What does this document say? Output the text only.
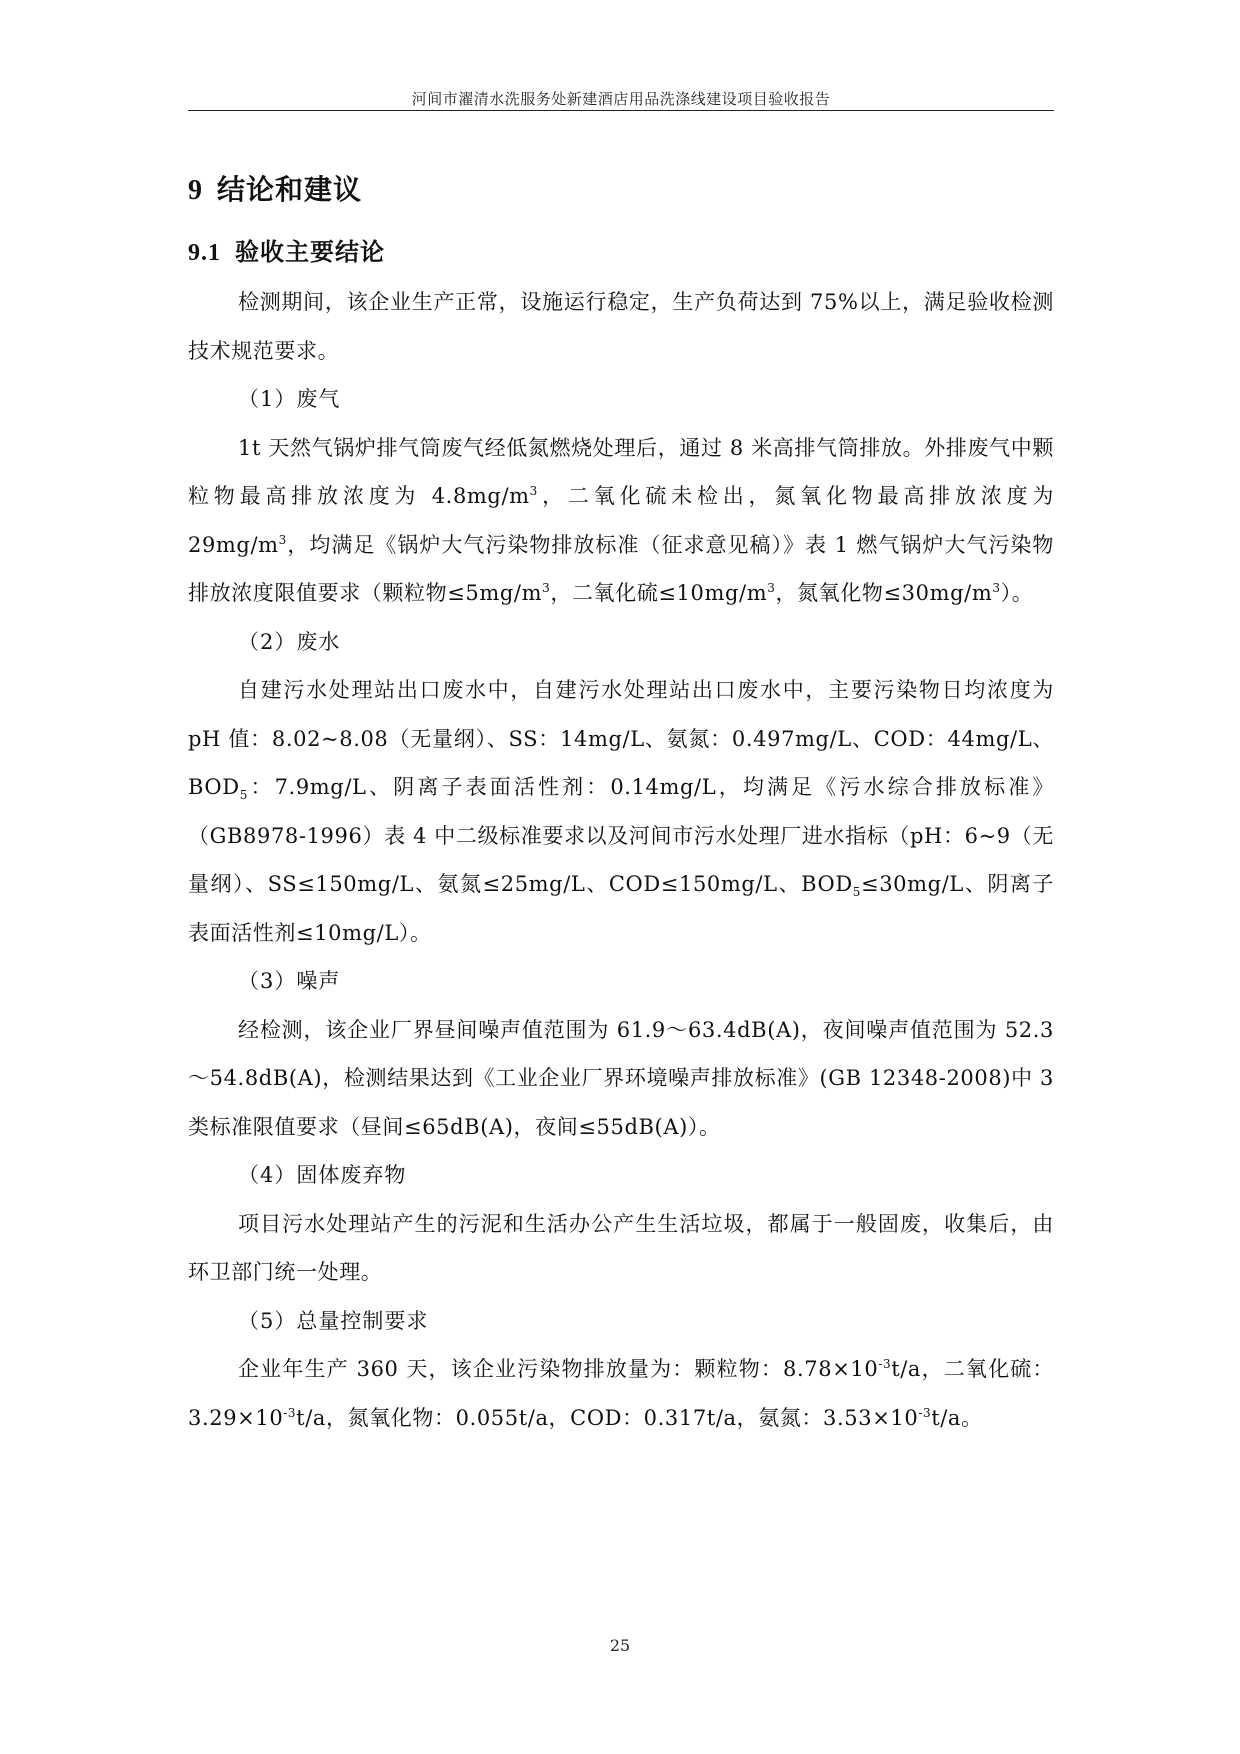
河间市濯清水洗服务处新建酒店用品洗涤线建设项目验收报告
9 结论和建议
9.1 验收主要结论

检测期间，该企业生产正常，设施运行稳定，生产负荷达到 75%以上，满足验收检测技术规范要求。

（1）废气

1t 天然气锅炉排气筒废气经低氮燃烧处理后，通过 8 米高排气筒排放。外排废气中颗粒物最高排放浓度为 $4.8mg/m^3$，二氧化硫未检出，氮氧化物最高排放浓度为 $29mg/m^3$，均满足《锅炉大气污染物排放标准（征求意见稿）》表 1 燃气锅炉大气污染物排放浓度限值要求（颗粒物$\le 5mg/m^3$，二氧化硫$\le 10mg/m^3$，氮氧化物$\le 30mg/m^3$）。

（2）废水

自建污水处理站出口废水中，自建污水处理站出口废水中，主要污染物日均浓度为 pH 值：8.02~8.08（无量纲）、SS：14mg/L、氨氮：0.497mg/L、COD：44mg/L、$BOD_5$：7.9mg/L、阴离子表面活性剂：0.14mg/L，均满足《污水综合排放标准》（GB8978-1996）表 4 中二级标准要求以及河间市污水处理厂进水指标（pH：6~9（无量纲）、SS≤150mg/L、氨氮≤25mg/L、COD≤150mg/L、$BOD_5\le 30mg/L$、阴离子表面活性剂≤10mg/L）。

（3）噪声

经检测，该企业厂界昼间噪声值范围为 61.9～63.4dB(A)，夜间噪声值范围为 52.3～54.8dB(A)，检测结果达到《工业企业厂界环境噪声排放标准》(GB 12348-2008)中 3 类标准限值要求（昼间≤65dB(A)，夜间≤55dB(A)）。

（4）固体废弃物

项目污水处理站产生的污泥和生活办公产生生活垃圾，都属于一般固废，收集后，由环卫部门统一处理。

（5）总量控制要求

企业年生产 360 天，该企业污染物排放量为：颗粒物：$8.78\times 10^{-3}t/a$，二氧化硫：$3.29\times 10^{-3}t/a$，氮氧化物：0.055t/a，COD：0.317t/a，氨氮：$3.53\times 10^{-3}t/a$。

25
